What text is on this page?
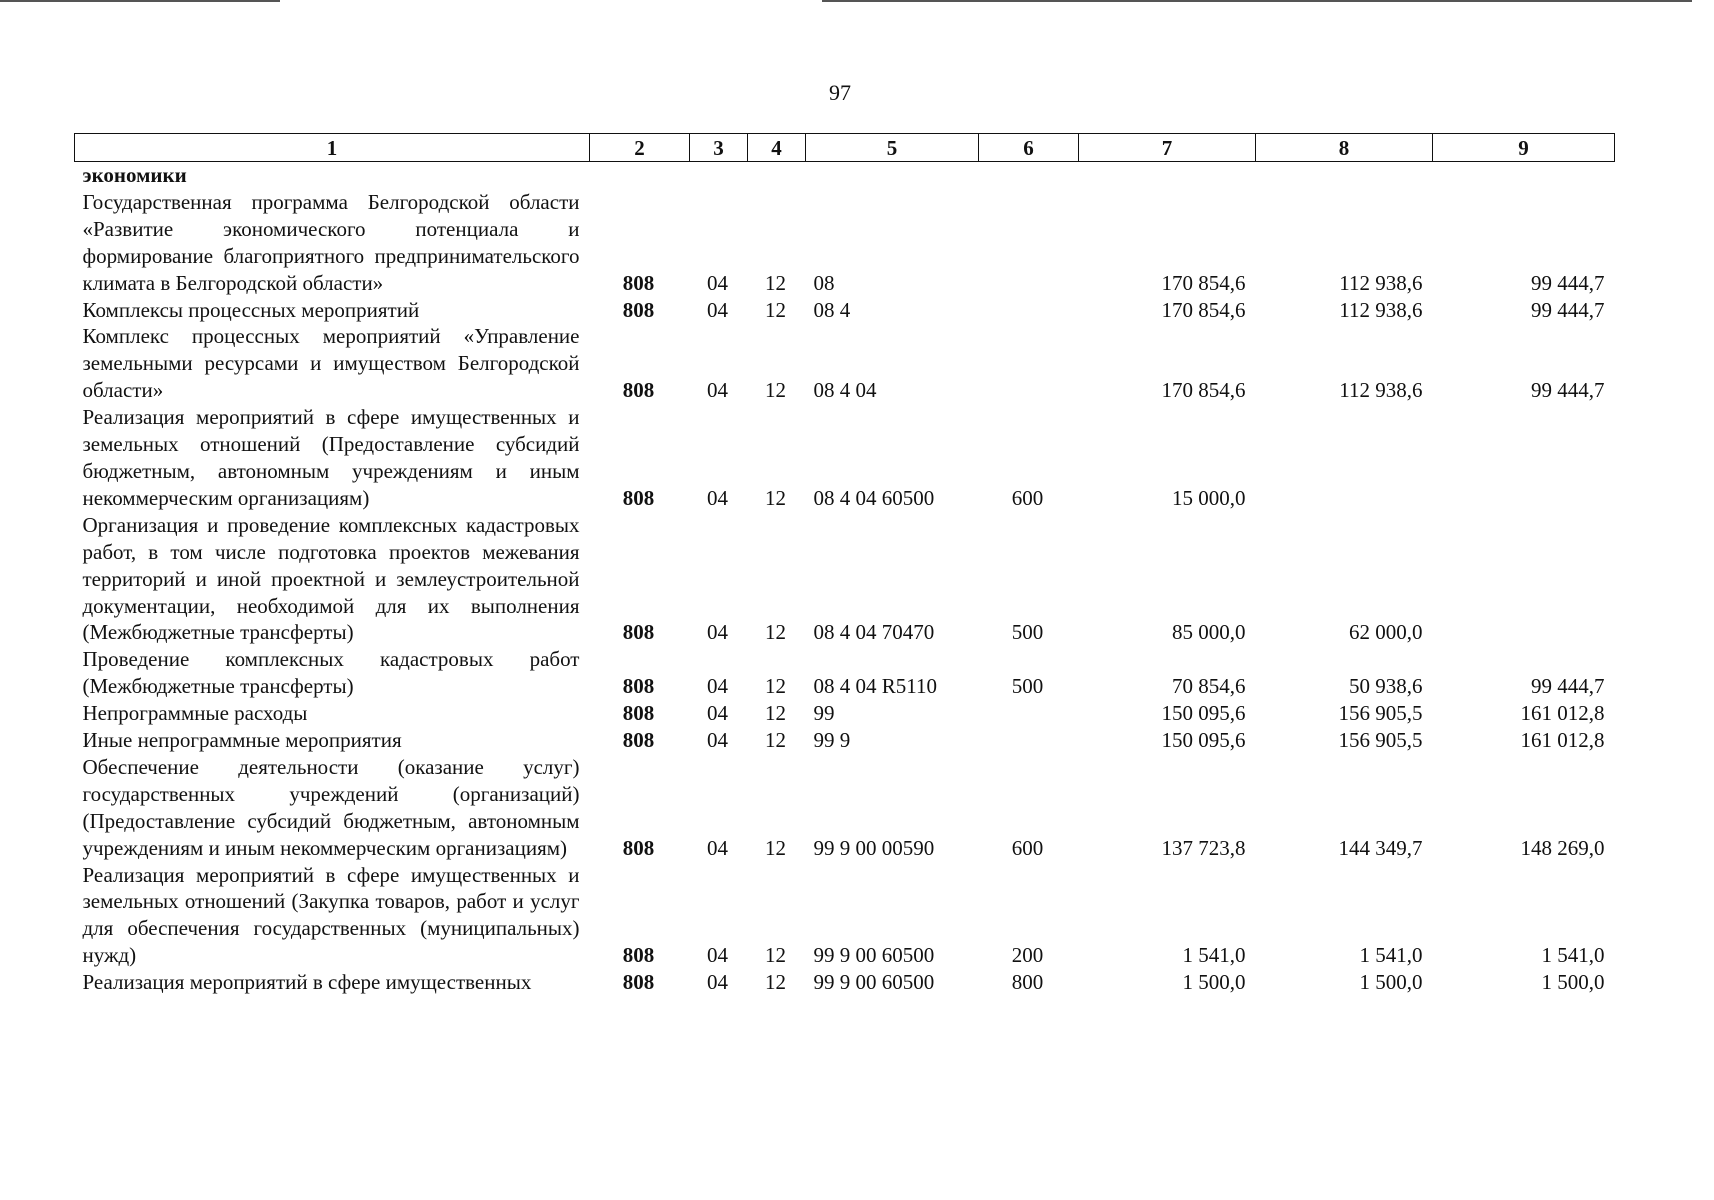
97
1	2	3	4	5	6	7	8	9
экономики								
Государственная программа Белгородской области «Развитие экономического потенциала и формирование благоприятного предпринимательского климата в Белгородской области»	808	04	12	08		170 854,6	112 938,6	99 444,7
Комплексы процессных мероприятий	808	04	12	08 4		170 854,6	112 938,6	99 444,7
Комплекс процессных мероприятий «Управление земельными ресурсами и имуществом Белгородской области»	808	04	12	08 4 04		170 854,6	112 938,6	99 444,7
Реализация мероприятий в сфере имущественных и земельных отношений (Предоставление субсидий бюджетным, автономным учреждениям и иным некоммерческим организациям)	808	04	12	08 4 04 60500	600	15 000,0		
Организация и проведение комплексных кадастровых работ, в том числе подготовка проектов межевания территорий и иной проектной и землеустроительной документации, необходимой для их выполнения (Межбюджетные трансферты)	808	04	12	08 4 04 70470	500	85 000,0	62 000,0	
Проведение комплексных кадастровых работ (Межбюджетные трансферты)	808	04	12	08 4 04 R5110	500	70 854,6	50 938,6	99 444,7
Непрограммные расходы	808	04	12	99		150 095,6	156 905,5	161 012,8
Иные непрограммные мероприятия	808	04	12	99 9		150 095,6	156 905,5	161 012,8
Обеспечение деятельности (оказание услуг) государственных учреждений (организаций) (Предоставление субсидий бюджетным, автономным учреждениям и иным некоммерческим организациям)	808	04	12	99 9 00 00590	600	137 723,8	144 349,7	148 269,0
Реализация мероприятий в сфере имущественных и земельных отношений (Закупка товаров, работ и услуг для обеспечения государственных (муниципальных) нужд)	808	04	12	99 9 00 60500	200	1 541,0	1 541,0	1 541,0
Реализация мероприятий в сфере имущественных	808	04	12	99 9 00 60500	800	1 500,0	1 500,0	1 500,0
